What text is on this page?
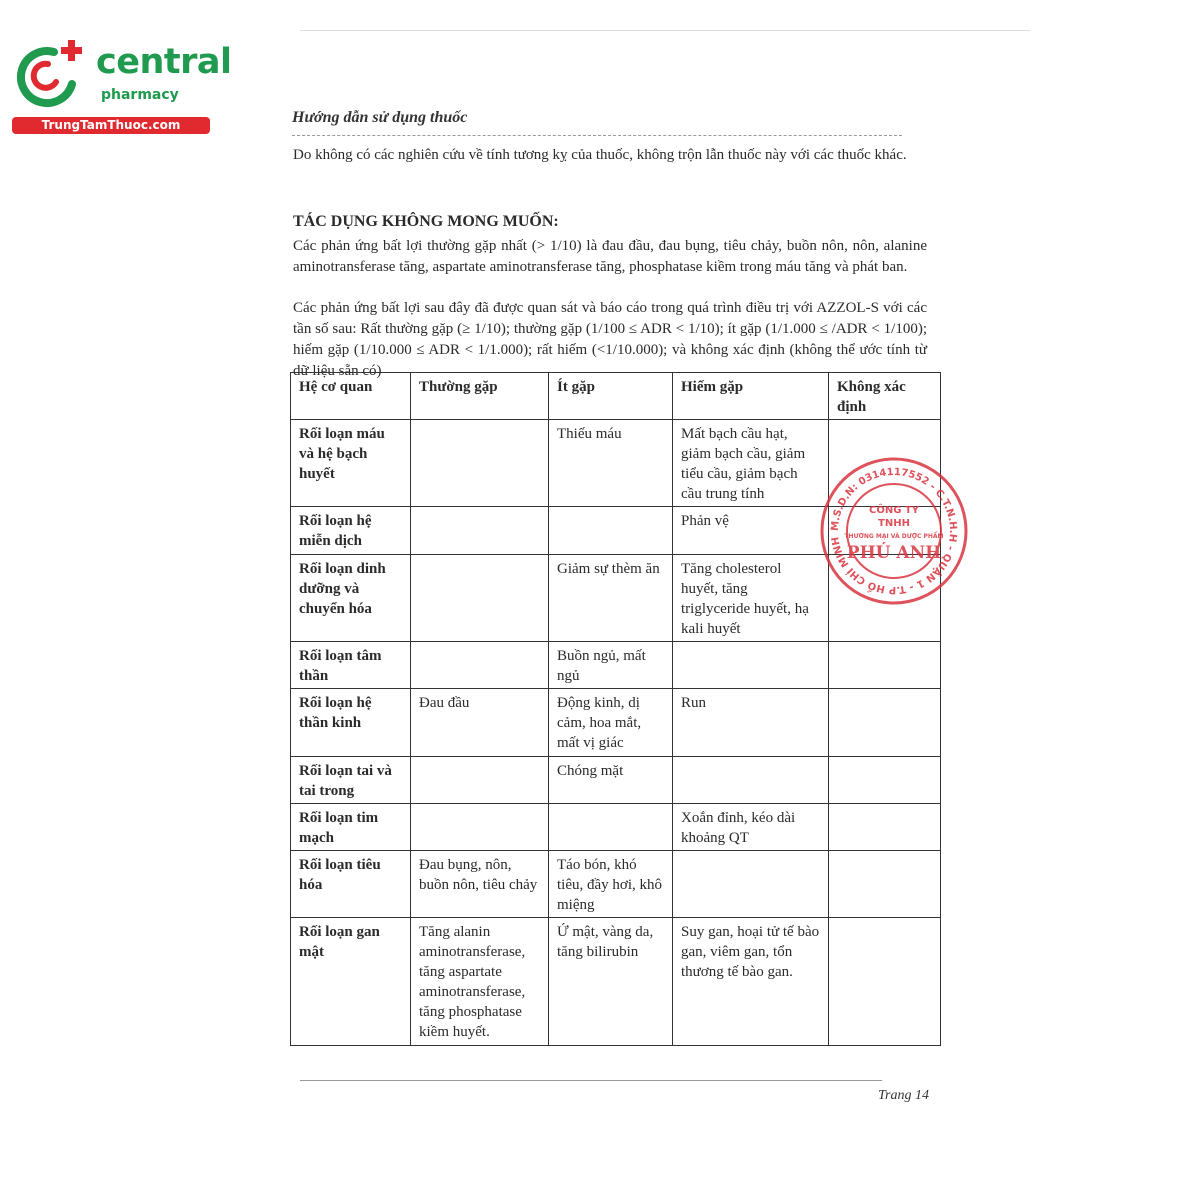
central
pharmacy
TrungTamThuoc.com	Hướng dẫn sử dụng thuốc
Do không có các nghiên cứu về tính tương kỵ của thuốc, không trộn lẫn thuốc này với các thuốc khác.
TÁC DỤNG KHÔNG MONG MUỐN:
Các phản ứng bất lợi thường gặp nhất (> 1/10) là đau đầu, đau bụng, tiêu chảy, buồn nôn, nôn, alanine aminotransferase tăng, aspartate aminotransferase tăng, phosphatase kiềm trong máu tăng và phát ban.
Các phản ứng bất lợi sau đây đã được quan sát và báo cáo trong quá trình điều trị với AZZOL-S với các tần số sau: Rất thường gặp (≥ 1/10); thường gặp (1/100 ≤ ADR < 1/10); ít gặp (1/1.000 ≤ /ADR < 1/100); hiếm gặp (1/10.000 ≤ ADR < 1/1.000); rất hiếm (<1/10.000); và không xác định (không thể ước tính từ dữ liệu sẵn có)
Hệ cơ quan	Thường gặp	Ít gặp	Hiếm gặp	Không xác định
Rối loạn máu và hệ bạch huyết		Thiếu máu	Mất bạch cầu hạt, giảm bạch cầu, giảm tiểu cầu, giảm bạch cầu trung tính	
Rối loạn hệ miễn dịch			Phản vệ	
Rối loạn dinh dưỡng và chuyển hóa		Giảm sự thèm ăn	Tăng cholesterol huyết, tăng triglyceride huyết, hạ kali huyết	
Rối loạn tâm thần		Buồn ngủ, mất ngủ		
Rối loạn hệ thần kinh	Đau đầu	Động kinh, dị cảm, hoa mắt, mất vị giác	Run	
Rối loạn tai và tai trong		Chóng mặt		
Rối loạn tim mạch			Xoắn đỉnh, kéo dài khoảng QT	
Rối loạn tiêu hóa	Đau bụng, nôn, buồn nôn, tiêu chảy	Táo bón, khó tiêu, đầy hơi, khô miệng		
Rối loạn gan mật	Tăng alanin aminotransferase, tăng aspartate aminotransferase, tăng phosphatase kiềm huyết.	Ứ mật, vàng da, tăng bilirubin	Suy gan, hoại tử tế bào gan, viêm gan, tổn thương tế bào gan.	
M.S.D.N: 0314117552 - C.T.N.H.H - QUẬN 1 - T.P HỒ CHÍ MINH
CÔNG TY
TNHH
THƯƠNG MẠI VÀ DƯỢC PHẨM
PHÚ ANH
Trang 14
